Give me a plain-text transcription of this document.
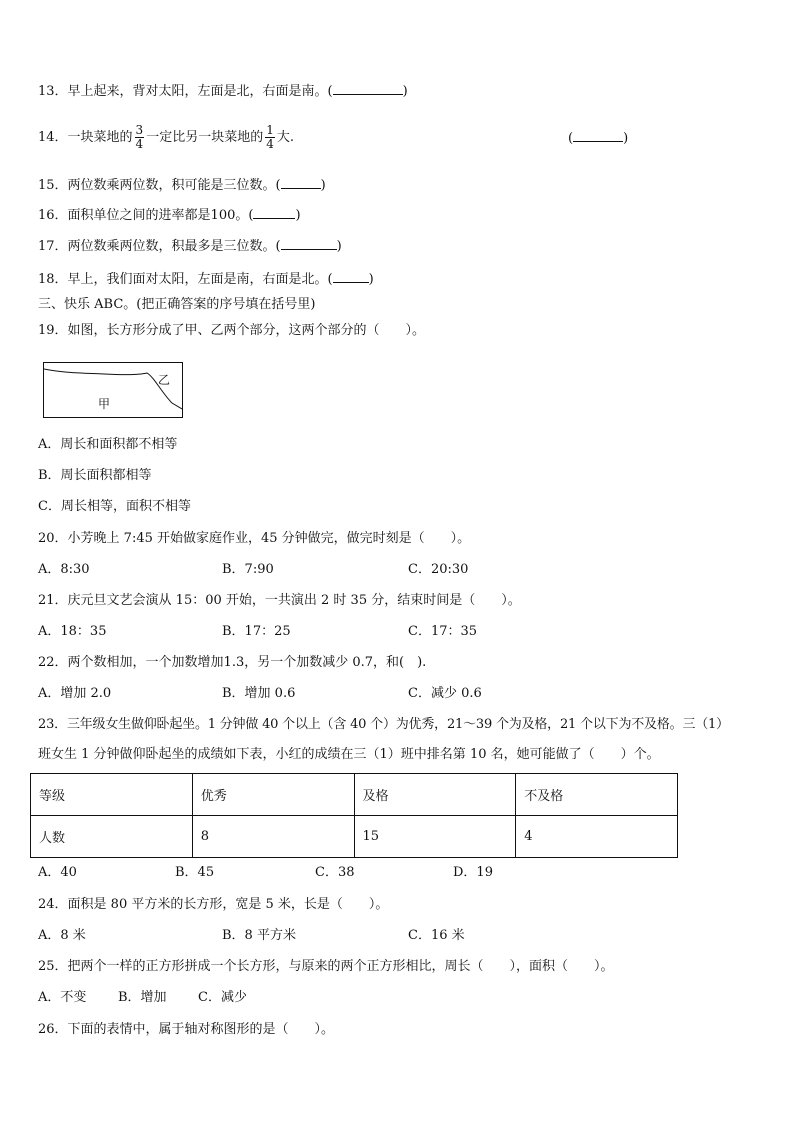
13．早上起来，背对太阳，左面是北，右面是南。(	)
14．一块菜地的 $\frac{3}{4}$ 一定比另一块菜地的 $\frac{1}{4}$ 大.	(	)
15．两位数乘两位数，积可能是三位数。(	)
16．面积单位之间的进率都是100。(	)
17．两位数乘两位数，积最多是三位数。(	)
18．早上，我们面对太阳，左面是南，右面是北。(	)
三、快乐 ABC。(把正确答案的序号填在括号里)
19．如图，长方形分成了甲、乙两个部分，这两个部分的（　　）。
乙
甲
A．周长和面积都不相等
B．周长面积都相等
C．周长相等，面积不相等
20．小芳晚上 7:45 开始做家庭作业，45 分钟做完，做完时刻是（　　）。
A．8:30	B．7:90	C．20:30
21．庆元旦文艺会演从 15：00 开始，一共演出 2 时 35 分，结束时间是（　　）。
A．18：35	B．17：25	C．17：35
22．两个数相加，一个加数增加1.3，另一个加数减少 0.7，和(　).
A．增加 2.0	B．增加 0.6	C．减少 0.6
23．三年级女生做仰卧起坐。1 分钟做 40 个以上（含 40 个）为优秀，21～39 个为及格，21 个以下为不及格。三（1）
班女生 1 分钟做仰卧起坐的成绩如下表，小红的成绩在三（1）班中排名第 10 名，她可能做了（　　）个。
等级	优秀	及格	不及格
人数	8	15	4
A．40	B．45	C．38	D．19
24．面积是 80 平方米的长方形，宽是 5 米，长是（　　）。
A．8 米	B．8 平方米	C．16 米
25．把两个一样的正方形拼成一个长方形，与原来的两个正方形相比，周长（　　），面积（　　）。
A．不变 B．增加 C．减少
26．下面的表情中，属于轴对称图形的是（　　）。
